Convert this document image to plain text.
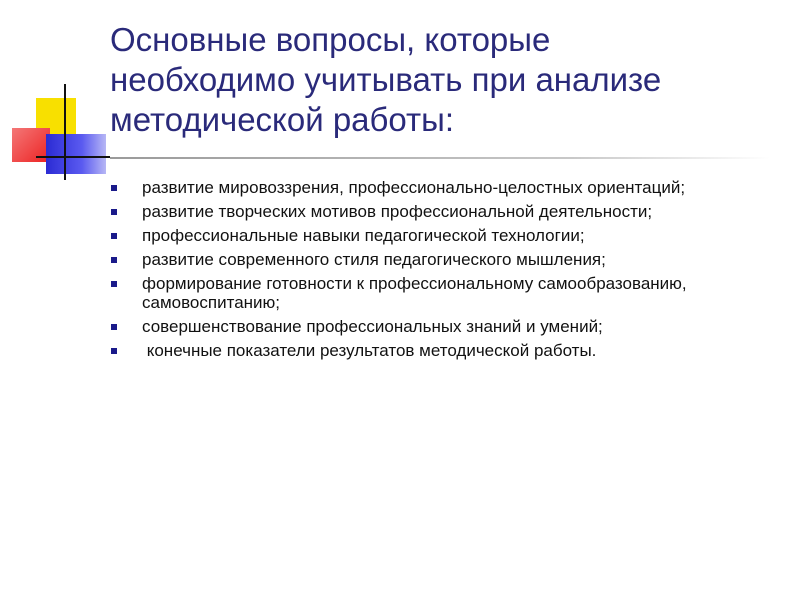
Основные вопросы, которые
необходимо учитывать при анализе
методической работы:
развитие мировоззрения, профессионально-целостных ориентаций;
развитие творческих мотивов профессиональной деятельности;
профессиональные навыки педагогической технологии;
развитие современного стиля педагогического мышления;
формирование готовности к профессиональному самообразованию, самовоспитанию;
совершенствование профессиональных знаний и умений;
конечные показатели результатов методической работы.
